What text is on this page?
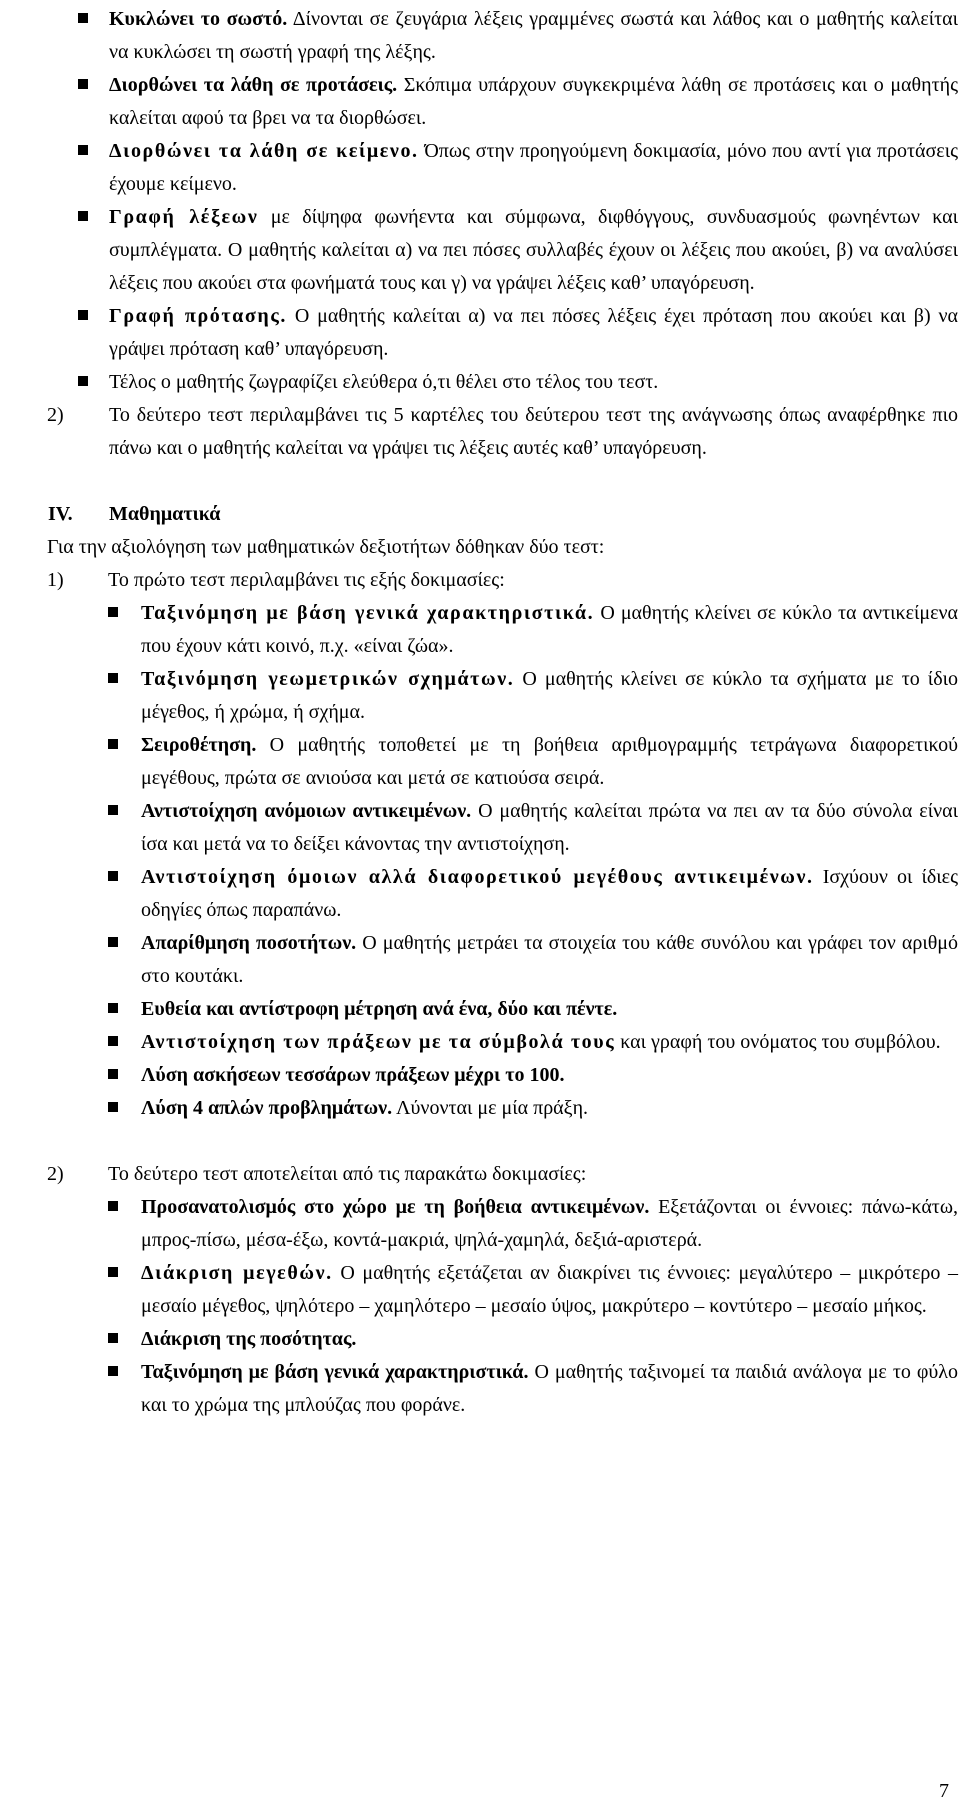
Κυκλώνει το σωστό. Δίνονται σε ζευγάρια λέξεις γραμμένες σωστά και λάθος και ο μαθητής καλείται να κυκλώσει τη σωστή γραφή της λέξης.
Διορθώνει τα λάθη σε προτάσεις. Σκόπιμα υπάρχουν συγκεκριμένα λάθη σε προτάσεις και ο μαθητής καλείται αφού τα βρει να τα διορθώσει.
Διορθώνει τα λάθη σε κείμενο. Όπως στην προηγούμενη δοκιμασία, μόνο που αντί για προτάσεις έχουμε κείμενο.
Γραφή λέξεων με δίψηφα φωνήεντα και σύμφωνα, διφθόγγους, συνδυασμούς φωνηέντων και συμπλέγματα. Ο μαθητής καλείται α) να πει πόσες συλλαβές έχουν οι λέξεις που ακούει, β) να αναλύσει λέξεις που ακούει στα φωνήματά τους και γ) να γράψει λέξεις καθ’ υπαγόρευση.
Γραφή πρότασης. Ο μαθητής καλείται α) να πει πόσες λέξεις έχει πρόταση που ακούει και β) να γράψει πρόταση καθ’ υπαγόρευση.
Τέλος ο μαθητής ζωγραφίζει ελεύθερα ό,τι θέλει στο τέλος του τεστ.
2) Το δεύτερο τεστ περιλαμβάνει τις 5 καρτέλες του δεύτερου τεστ της ανάγνωσης όπως αναφέρθηκε πιο πάνω και ο μαθητής καλείται να γράψει τις λέξεις αυτές καθ’ υπαγόρευση.
IV. Μαθηματικά
Για την αξιολόγηση των μαθηματικών δεξιοτήτων δόθηκαν δύο τεστ:
1) Το πρώτο τεστ περιλαμβάνει τις εξής δοκιμασίες:
Ταξινόμηση με βάση γενικά χαρακτηριστικά. Ο μαθητής κλείνει σε κύκλο τα αντικείμενα που έχουν κάτι κοινό, π.χ. «είναι ζώα».
Ταξινόμηση γεωμετρικών σχημάτων. Ο μαθητής κλείνει σε κύκλο τα σχήματα με το ίδιο μέγεθος, ή χρώμα, ή σχήμα.
Σειροθέτηση. Ο μαθητής τοποθετεί με τη βοήθεια αριθμογραμμής τετράγωνα διαφορετικού μεγέθους, πρώτα σε ανιούσα και μετά σε κατιούσα σειρά.
Αντιστοίχηση ανόμοιων αντικειμένων. Ο μαθητής καλείται πρώτα να πει αν τα δύο σύνολα είναι ίσα και μετά να το δείξει κάνοντας την αντιστοίχηση.
Αντιστοίχηση όμοιων αλλά διαφορετικού μεγέθους αντικειμένων. Ισχύουν οι ίδιες οδηγίες όπως παραπάνω.
Απαρίθμηση ποσοτήτων. Ο μαθητής μετράει τα στοιχεία του κάθε συνόλου και γράφει τον αριθμό στο κουτάκι.
Ευθεία και αντίστροφη μέτρηση ανά ένα, δύο και πέντε.
Αντιστοίχηση των πράξεων με τα σύμβολά τους και γραφή του ονόματος του συμβόλου.
Λύση ασκήσεων τεσσάρων πράξεων μέχρι το 100.
Λύση 4 απλών προβλημάτων. Λύνονται με μία πράξη.
2) Το δεύτερο τεστ αποτελείται από τις παρακάτω δοκιμασίες:
Προσανατολισμός στο χώρο με τη βοήθεια αντικειμένων. Εξετάζονται οι έννοιες: πάνω-κάτω, μπρος-πίσω, μέσα-έξω, κοντά-μακριά, ψηλά-χαμηλά, δεξιά-αριστερά.
Διάκριση μεγεθών. Ο μαθητής εξετάζεται αν διακρίνει τις έννοιες: μεγαλύτερο – μικρότερο – μεσαίο μέγεθος, ψηλότερο – χαμηλότερο – μεσαίο ύψος, μακρύτερο – κοντύτερο – μεσαίο μήκος.
Διάκριση της ποσότητας.
Ταξινόμηση με βάση γενικά χαρακτηριστικά. Ο μαθητής ταξινομεί τα παιδιά ανάλογα με το φύλο και το χρώμα της μπλούζας που φοράνε.
7
